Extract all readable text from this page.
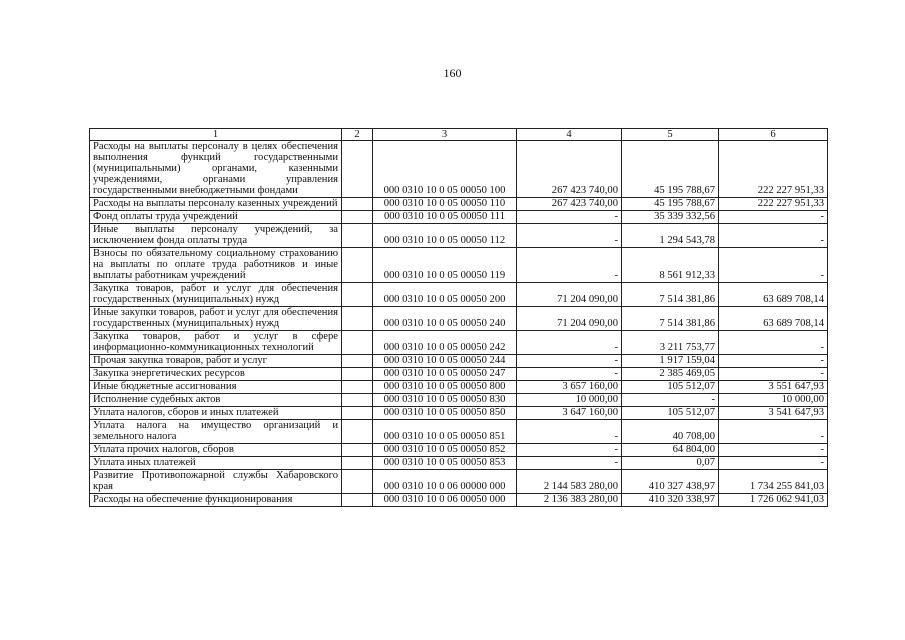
160
1	2	3	4	5	6
Расходы на выплаты персоналу в целях обеспечения выполнения функций государственными (муниципальными) органами, казенными учреждениями, органами управления государственными внебюджетными фондами		000 0310 10 0 05 00050 100	267 423 740,00	45 195 788,67	222 227 951,33
Расходы на выплаты персоналу казенных учреждений		000 0310 10 0 05 00050 110	267 423 740,00	45 195 788,67	222 227 951,33
Фонд оплаты труда учреждений		000 0310 10 0 05 00050 111	-	35 339 332,56	-
Иные выплаты персоналу учреждений, за исключением фонда оплаты труда		000 0310 10 0 05 00050 112	-	1 294 543,78	-
Взносы по обязательному социальному страхованию на выплаты по оплате труда работников и иные выплаты работникам учреждений		000 0310 10 0 05 00050 119	-	8 561 912,33	-
Закупка товаров, работ и услуг для обеспечения государственных (муниципальных) нужд		000 0310 10 0 05 00050 200	71 204 090,00	7 514 381,86	63 689 708,14
Иные закупки товаров, работ и услуг для обеспечения государственных (муниципальных) нужд		000 0310 10 0 05 00050 240	71 204 090,00	7 514 381,86	63 689 708,14
Закупка товаров, работ и услуг в сфере информационно-коммуникационных технологий		000 0310 10 0 05 00050 242	-	3 211 753,77	-
Прочая закупка товаров, работ и услуг		000 0310 10 0 05 00050 244	-	1 917 159,04	-
Закупка энергетических ресурсов		000 0310 10 0 05 00050 247	-	2 385 469,05	-
Иные бюджетные ассигнования		000 0310 10 0 05 00050 800	3 657 160,00	105 512,07	3 551 647,93
Исполнение судебных актов		000 0310 10 0 05 00050 830	10 000,00	-	10 000,00
Уплата налогов, сборов и иных платежей		000 0310 10 0 05 00050 850	3 647 160,00	105 512,07	3 541 647,93
Уплата налога на имущество организаций и земельного налога		000 0310 10 0 05 00050 851	-	40 708,00	-
Уплата прочих налогов, сборов		000 0310 10 0 05 00050 852	-	64 804,00	-
Уплата иных платежей		000 0310 10 0 05 00050 853	-	0,07	-
Развитие Противопожарной службы Хабаровского края		000 0310 10 0 06 00000 000	2 144 583 280,00	410 327 438,97	1 734 255 841,03
Расходы на обеспечение функционирования		000 0310 10 0 06 00050 000	2 136 383 280,00	410 320 338,97	1 726 062 941,03
